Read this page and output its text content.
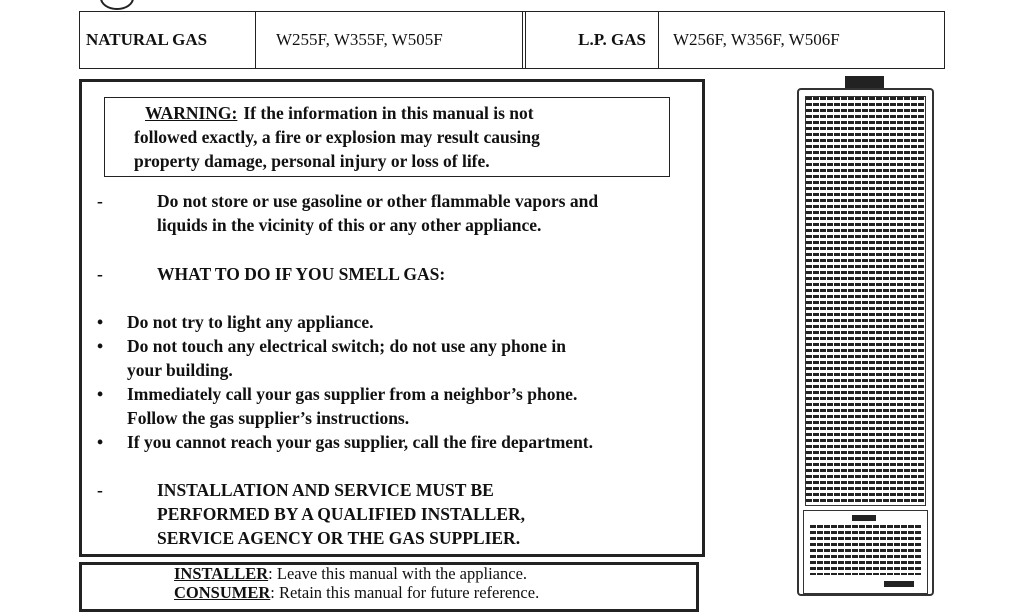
NATURAL GAS	W255F, W355F, W505F	L.P. GAS	W256F, W356F, W506F
WARNING: If the information in this manual is not
followed exactly, a fire or explosion may result causing
property damage, personal injury or loss of life.
-	Do not store or use gasoline or other flammable vapors and
liquids in the vicinity of this or any other appliance.
-	WHAT TO DO IF YOU SMELL GAS:
• Do not try to light any appliance.
• Do not touch any electrical switch; do not use any phone in
your building.
• Immediately call your gas supplier from a neighbor’s phone.
Follow the gas supplier’s instructions.
• If you cannot reach your gas supplier, call the fire department.
-	INSTALLATION AND SERVICE MUST BE
PERFORMED BY A QUALIFIED INSTALLER,
SERVICE AGENCY OR THE GAS SUPPLIER.
INSTALLER: Leave this manual with the appliance.
CONSUMER: Retain this manual for future reference.
